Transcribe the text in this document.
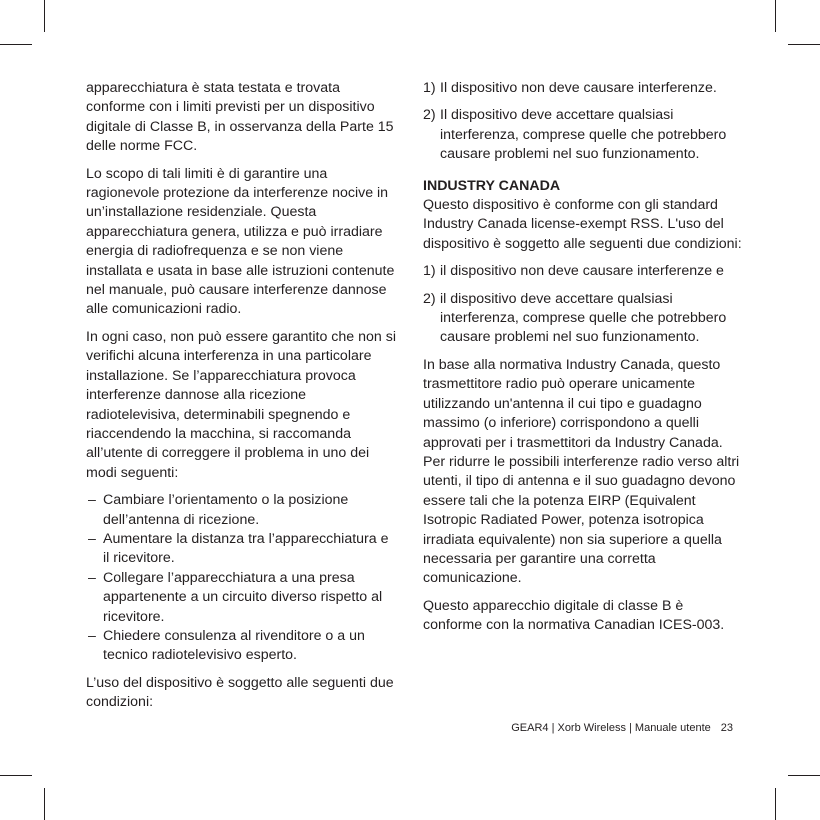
apparecchiatura è stata testata e trovata conforme con i limiti previsti per un dispositivo digitale di Classe B, in osservanza della Parte 15 delle norme FCC.

Lo scopo di tali limiti è di garantire una ragionevole protezione da interferenze nocive in un’installazione residenziale. Questa apparecchiatura genera, utilizza e può irradiare energia di radiofrequenza e se non viene installata e usata in base alle istruzioni contenute nel manuale, può causare interferenze dannose alle comunicazioni radio.

In ogni caso, non può essere garantito che non si verifichi alcuna interferenza in una particolare installazione. Se l’apparecchiatura provoca interferenze dannose alla ricezione radiotelevisiva, determinabili spegnendo e riaccendendo la macchina, si raccomanda all’utente di correggere il problema in uno dei modi seguenti:

– Cambiare l’orientamento o la posizione dell’antenna di ricezione.
– Aumentare la distanza tra l’apparecchiatura e il ricevitore.
– Collegare l’apparecchiatura a una presa appartenente a un circuito diverso rispetto al ricevitore.
– Chiedere consulenza al rivenditore o a un tecnico radiotelevisivo esperto.

L’uso del dispositivo è soggetto alle seguenti due condizioni:

1) Il dispositivo non deve causare interferenze.
2) Il dispositivo deve accettare qualsiasi interferenza, comprese quelle che potrebbero causare problemi nel suo funzionamento.

INDUSTRY CANADA

Questo dispositivo è conforme con gli standard Industry Canada license-exempt RSS. L'uso del dispositivo è soggetto alle seguenti due condizioni:

1) il dispositivo non deve causare interferenze e
2) il dispositivo deve accettare qualsiasi interferenza, comprese quelle che potrebbero causare problemi nel suo funzionamento.

In base alla normativa Industry Canada, questo trasmettitore radio può operare unicamente utilizzando un'antenna il cui tipo e guadagno massimo (o inferiore) corrispondono a quelli approvati per i trasmettitori da Industry Canada. Per ridurre le possibili interferenze radio verso altri utenti, il tipo di antenna e il suo guadagno devono essere tali che la potenza EIRP (Equivalent Isotropic Radiated Power, potenza isotropica irradiata equivalente) non sia superiore a quella necessaria per garantire una corretta comunicazione.

Questo apparecchio digitale di classe B è conforme con la normativa Canadian ICES-003.

GEAR4 | Xorb Wireless | Manuale utente 23
